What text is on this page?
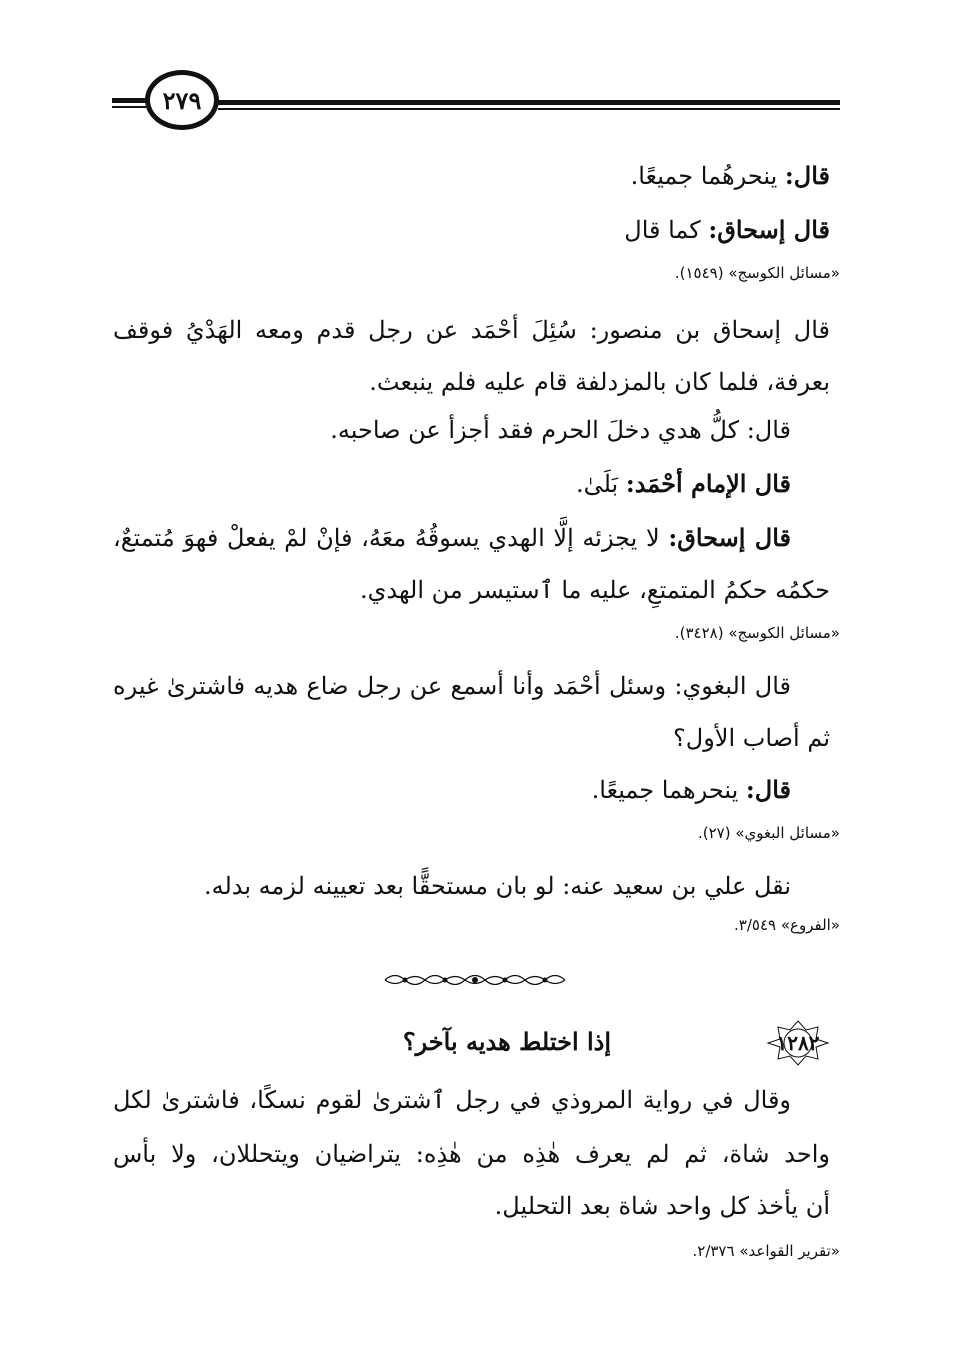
٢٧٩
قال: ينحرهُما جميعًا.
قال إسحاق: كما قال
«مسائل الكوسج» (١٥٤٩).
قال إسحاق بن منصور: سُئِلَ أحْمَد عن رجل قدم ومعه الهَدْيُ فوقف
بعرفة، فلما كان بالمزدلفة قام عليه فلم ينبعث.
قال: كلُّ هدي دخلَ الحرم فقد أجزأ عن صاحبه.
قال الإمام أحْمَد: بَلَىٰ.
قال إسحاق: لا يجزئه إلَّا الهدي يسوقُهُ معَهُ، فإنْ لمْ يفعلْ فهوَ مُتمتعٌ،
حكمُه حكمُ المتمتعِ، عليه ما ٱستيسر من الهدي.
«مسائل الكوسج» (٣٤٢٨).
قال البغوي: وسئل أحْمَد وأنا أسمع عن رجل ضاع هديه فاشترىٰ غيره
ثم أصاب الأول؟
قال: ينحرهما جميعًا.
«مسائل البغوي» (٢٧).
نقل علي بن سعيد عنه: لو بان مستحقًّا بعد تعيينه لزمه بدله.
«الفروع» ٣/٥٤٩.
١٢٨٢
إذا اختلط هديه بآخر؟
وقال في رواية المروذي في رجل ٱشترىٰ لقوم نسكًا، فاشترىٰ لكل
واحد شاة، ثم لم يعرف هٰذِه من هٰذِه: يتراضيان ويتحللان، ولا بأس
أن يأخذ كل واحد شاة بعد التحليل.
«تقرير القواعد» ٢/٣٧٦.
